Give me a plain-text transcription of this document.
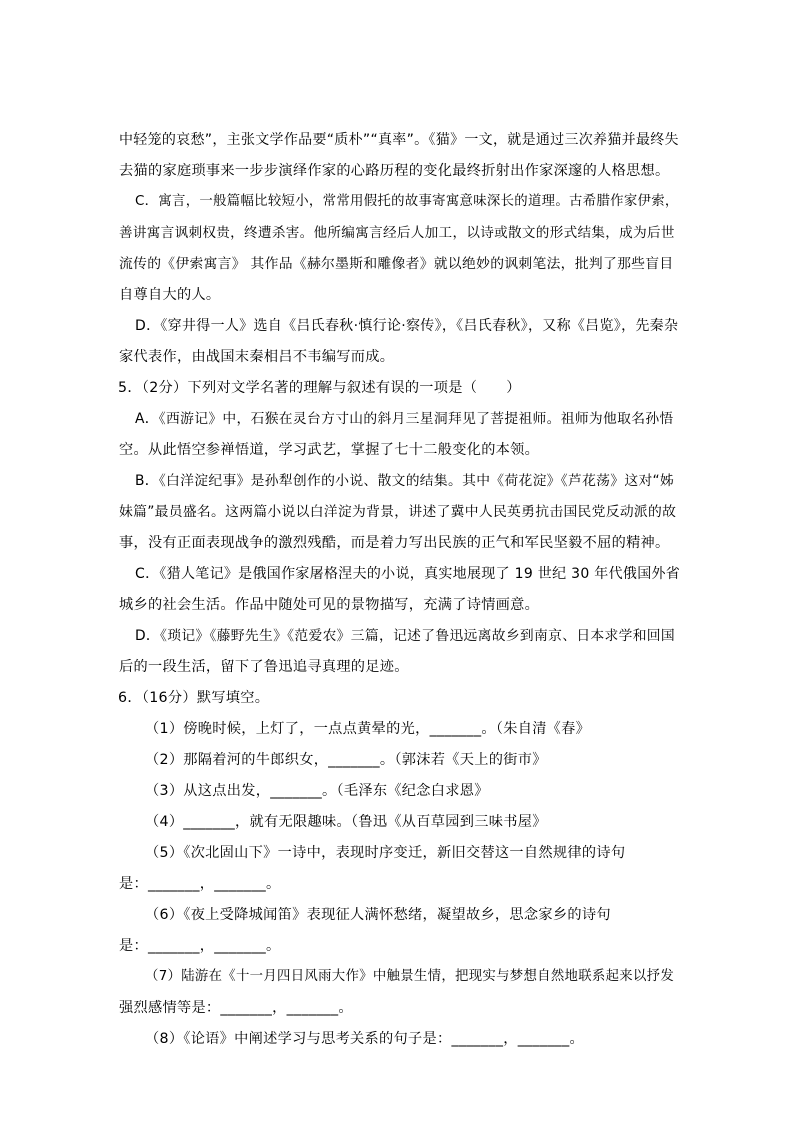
中轻笼的哀愁”，主张文学作品要“质朴”“真率”。《猫》一文，就是通过三次养猫并最终失
去猫的家庭琐事来一步步演绎作家的心路历程的变化最终折射出作家深邃的人格思想。
C．寓言，一般篇幅比较短小，常常用假托的故事寄寓意味深长的道理。古希腊作家伊索，
善讲寓言讽刺权贵，终遭杀害。他所编寓言经后人加工，以诗或散文的形式结集，成为后世
流传的《伊索寓言》 其作品《赫尔墨斯和雕像者》就以绝妙的讽刺笔法，批判了那些盲目
自尊自大的人。
D．《穿井得一人》选自《吕氏春秋·慎行论·察传》，《吕氏春秋》，又称《吕览》，先秦杂
家代表作，由战国末秦相吕不韦编写而成。
5．（2分）下列对文学名著的理解与叙述有误的一项是（　　）
A．《西游记》中，石猴在灵台方寸山的斜月三星洞拜见了菩提祖师。祖师为他取名孙悟
空。从此悟空参禅悟道，学习武艺，掌握了七十二般变化的本领。
B．《白洋淀纪事》是孙犁创作的小说、散文的结集。其中《荷花淀》《芦花荡》这对“姊
妹篇”最员盛名。这两篇小说以白洋淀为背景，讲述了冀中人民英勇抗击国民党反动派的故
事，没有正面表现战争的激烈残酷，而是着力写出民族的正气和军民坚毅不屈的精神。
C．《猎人笔记》是俄国作家屠格涅夫的小说，真实地展现了 19 世纪 30 年代俄国外省
城乡的社会生活。作品中随处可见的景物描写，充满了诗情画意。
D．《琐记》《藤野先生》《范爱农》三篇，记述了鲁迅远离故乡到南京、日本求学和回国
后的一段生活，留下了鲁迅追寻真理的足迹。
6．（16分）默写填空。
（1）傍晚时候，上灯了，一点点黄晕的光，_______。（朱自清《春》
（2）那隔着河的牛郎织女，_______。（郭沫若《天上的街市》
（3）从这点出发，_______。（毛泽东《纪念白求恩》
（4）_______，就有无限趣味。（鲁迅《从百草园到三味书屋》
（5）《次北固山下》一诗中，表现时序变迁，新旧交替这一自然规律的诗句
是：_______，_______。
（6）《夜上受降城闻笛》表现征人满怀愁绪，凝望故乡，思念家乡的诗句
是：_______，_______。
（7）陆游在《十一月四日风雨大作》中触景生情，把现实与梦想自然地联系起来以抒发
强烈感情等是：_______，_______。
（8）《论语》中阐述学习与思考关系的句子是：_______，_______。
